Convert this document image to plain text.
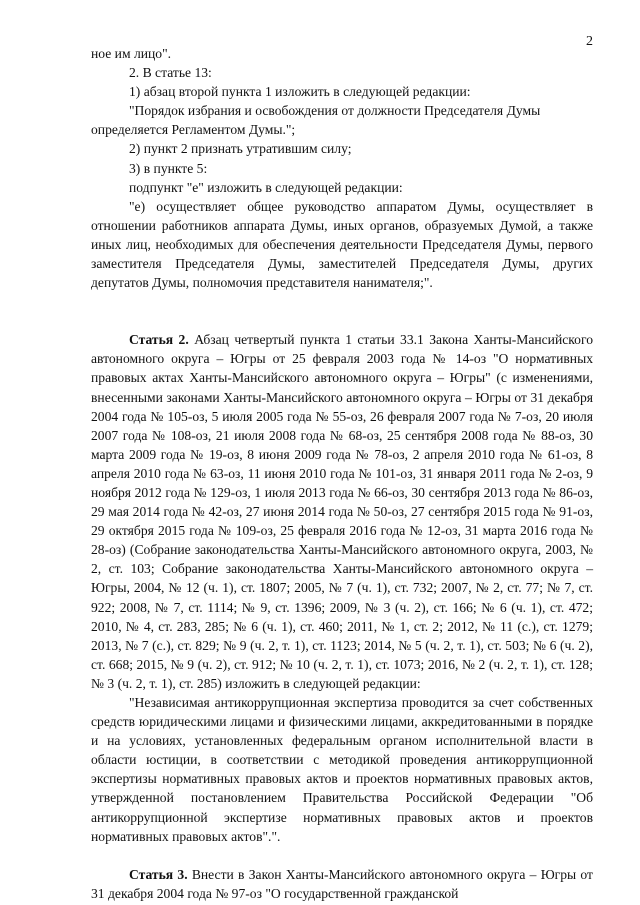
2

ное им лицо".

2. В статье 13:

1) абзац второй пункта 1 изложить в следующей редакции:

"Порядок избрания и освобождения от должности Председателя Думы

определяется Регламентом Думы.";

2) пункт 2 признать утратившим силу;

3) в пункте 5:

подпункт "е" изложить в следующей редакции:

"е) осуществляет общее руководство аппаратом Думы, осуществляет в отношении работников аппарата Думы, иных органов, образуемых Думой, а также иных лиц, необходимых для обеспечения деятельности Председателя Думы, первого заместителя Председателя Думы, заместителей Председателя Думы, других депутатов Думы, полномочия представителя нанимателя;".

Статья 2. Абзац четвертый пункта 1 статьи 33.1 Закона Ханты-Мансийского автономного округа – Югры от 25 февраля 2003 года № 14-оз "О нормативных правовых актах Ханты-Мансийского автономного округа – Югры" (с изменениями, внесенными законами Ханты-Мансийского автономного округа – Югры от 31 декабря 2004 года № 105-оз, 5 июля 2005 года № 55-оз, 26 февраля 2007 года № 7-оз, 20 июля 2007 года № 108-оз, 21 июля 2008 года № 68-оз, 25 сентября 2008 года № 88-оз, 30 марта 2009 года № 19-оз, 8 июня 2009 года № 78-оз, 2 апреля 2010 года № 61-оз, 8 апреля 2010 года № 63-оз, 11 июня 2010 года № 101-оз, 31 января 2011 года № 2-оз, 9 ноября 2012 года № 129-оз, 1 июля 2013 года № 66-оз, 30 сентября 2013 года № 86-оз, 29 мая 2014 года № 42-оз, 27 июня 2014 года № 50-оз, 27 сентября 2015 года № 91-оз, 29 октября 2015 года № 109-оз, 25 февраля 2016 года № 12-оз, 31 марта 2016 года № 28-оз) (Собрание законодательства Ханты-Мансийского автономного округа, 2003, № 2, ст. 103; Собрание законодательства Ханты-Мансийского автономного округа – Югры, 2004, № 12 (ч. 1), ст. 1807; 2005, № 7 (ч. 1), ст. 732; 2007, № 2, ст. 77; № 7, ст. 922; 2008, № 7, ст. 1114; № 9, ст. 1396; 2009, № 3 (ч. 2), ст. 166; № 6 (ч. 1), ст. 472; 2010, № 4, ст. 283, 285; № 6 (ч. 1), ст. 460; 2011, № 1, ст. 2; 2012, № 11 (с.), ст. 1279; 2013, № 7 (с.), ст. 829; № 9 (ч. 2, т. 1), ст. 1123; 2014, № 5 (ч. 2, т. 1), ст. 503; № 6 (ч. 2), ст. 668; 2015, № 9 (ч. 2), ст. 912; № 10 (ч. 2, т. 1), ст. 1073; 2016, № 2 (ч. 2, т. 1), ст. 128; № 3 (ч. 2, т. 1), ст. 285) изложить в следующей редакции:

"Независимая антикоррупционная экспертиза проводится за счет собственных средств юридическими лицами и физическими лицами, аккредитованными в порядке и на условиях, установленных федеральным органом исполнительной власти в области юстиции, в соответствии с методикой проведения антикоррупционной экспертизы нормативных правовых актов и проектов нормативных правовых актов, утвержденной постановлением Правительства Российской Федерации "Об антикоррупционной экспертизе нормативных правовых актов и проектов нормативных правовых актов".".

Статья 3. Внести в Закон Ханты-Мансийского автономного округа – Югры от 31 декабря 2004 года № 97-оз "О государственной гражданской
